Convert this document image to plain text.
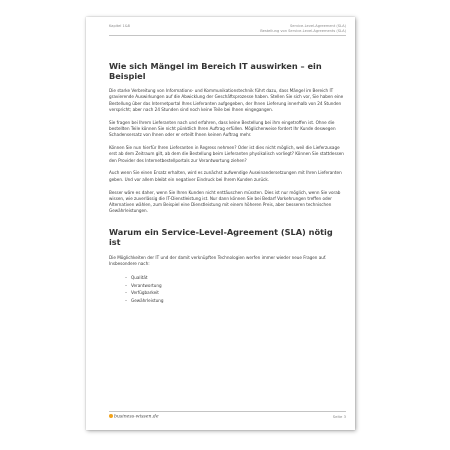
Kapitel 1&8	Service-Level-Agreement (SLA)
Bestellung von Service-Level-Agreements (SLA)
Wie sich Mängel im Bereich IT auswirken – ein Beispiel

Die starke Verbreitung von Informations- und Kommunikationstechnik führt dazu, dass Mängel im Bereich IT gravierende Auswirkungen auf die Abwicklung der Geschäftsprozesse haben. Stellen Sie sich vor, Sie haben eine Bestellung über das Internetportal Ihres Lieferanten aufgegeben, der Ihnen Lieferung innerhalb von 24 Stunden verspricht; aber nach 24 Stunden sind noch keine Teile bei Ihnen eingegangen.

Sie fragen bei Ihrem Lieferanten nach und erfahren, dass keine Bestellung bei ihm eingetroffen ist. Ohne die bestellten Teile können Sie nicht pünktlich Ihren Auftrag erfüllen. Möglicherweise fordert Ihr Kunde deswegen Schadensersatz von Ihnen oder er erteilt Ihnen keinen Auftrag mehr.

Können Sie nun hierfür Ihren Lieferanten in Regress nehmen? Oder ist dies nicht möglich, weil die Lieferzusage erst ab dem Zeitraum gilt, ab dem die Bestellung beim Lieferanten physikalisch vorliegt? Können Sie stattdessen den Provider des Internetbestellportals zur Verantwortung ziehen?

Auch wenn Sie einen Ersatz erhalten, wird es zunächst aufwendige Auseinandersetzungen mit Ihren Lieferanten geben. Und vor allem bleibt ein negativer Eindruck bei Ihrem Kunden zurück.

Besser wäre es daher, wenn Sie Ihren Kunden nicht enttäuschen müssten. Dies ist nur möglich, wenn Sie vorab wissen, wie zuverlässig die IT-Dienstleistung ist. Nur dann können Sie bei Bedarf Vorkehrungen treffen oder Alternativen wählen, zum Beispiel eine Dienstleistung mit einem höheren Preis, aber besseren technischen Gewährleistungen.

Warum ein Service-Level-Agreement (SLA) nötig ist

Die Möglichkeiten der IT und der damit verknüpften Technologien werfen immer wieder neue Fragen auf. Insbesondere nach:

– Qualität
– Verantwortung
– Verfügbarkeit
– Gewährleistung
business-wissen.de	Seite 3
